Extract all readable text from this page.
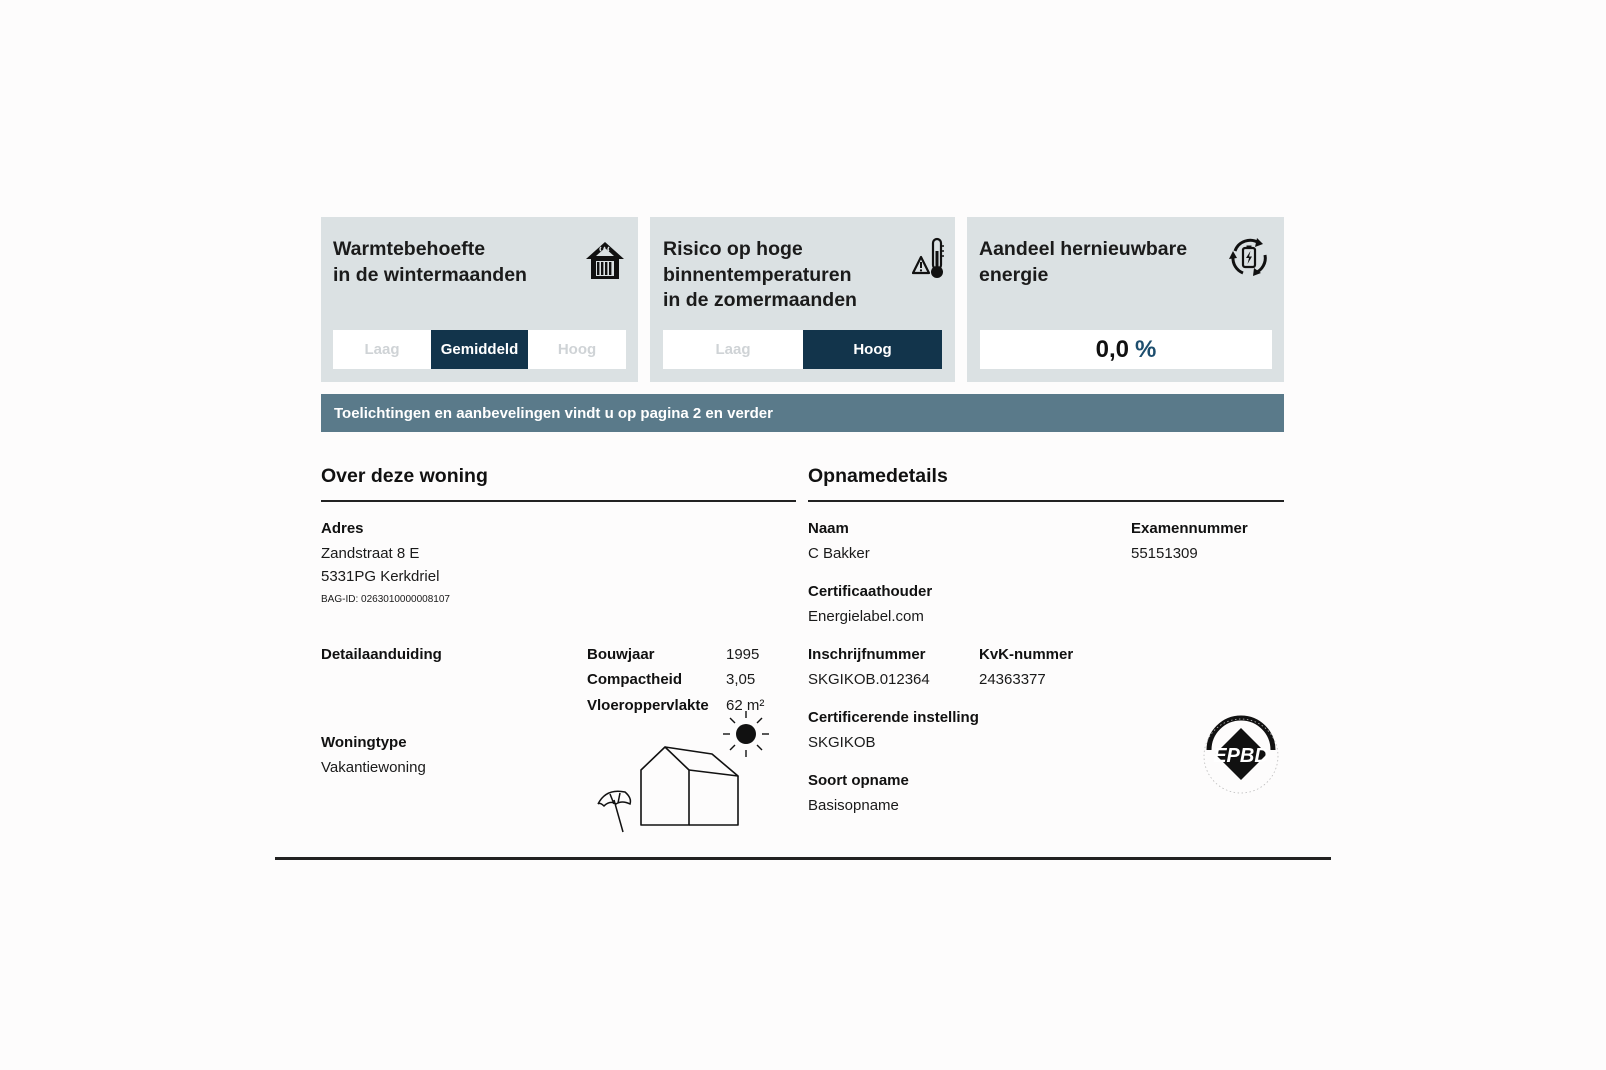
Warmtebehoefte
in de wintermaanden
Laag	Gemiddeld	Hoog
Risico op hoge
binnentemperaturen
in de zomermaanden
Laag	Hoog
Aandeel hernieuwbare
energie
0,0 %
Toelichtingen en aanbevelingen vindt u op pagina 2 en verder
Over deze woning
Adres
Zandstraat 8 E
5331PG Kerkdriel
BAG-ID: 0263010000008107
Detailaanduiding	Bouwjaar	1995
Compactheid	3,05
Vloeroppervlakte 62 m²
Woningtype
Vakantiewoning
Opnamedetails
Naam
C Bakker
Examennummer
55151309
Certificaathouder
Energielabel.com
Inschrijfnummer
SKGIKOB.012364
KvK-nummer
24363377
Certificerende instelling
SKGIKOB
Soort opname
Basisopname
EPBD
